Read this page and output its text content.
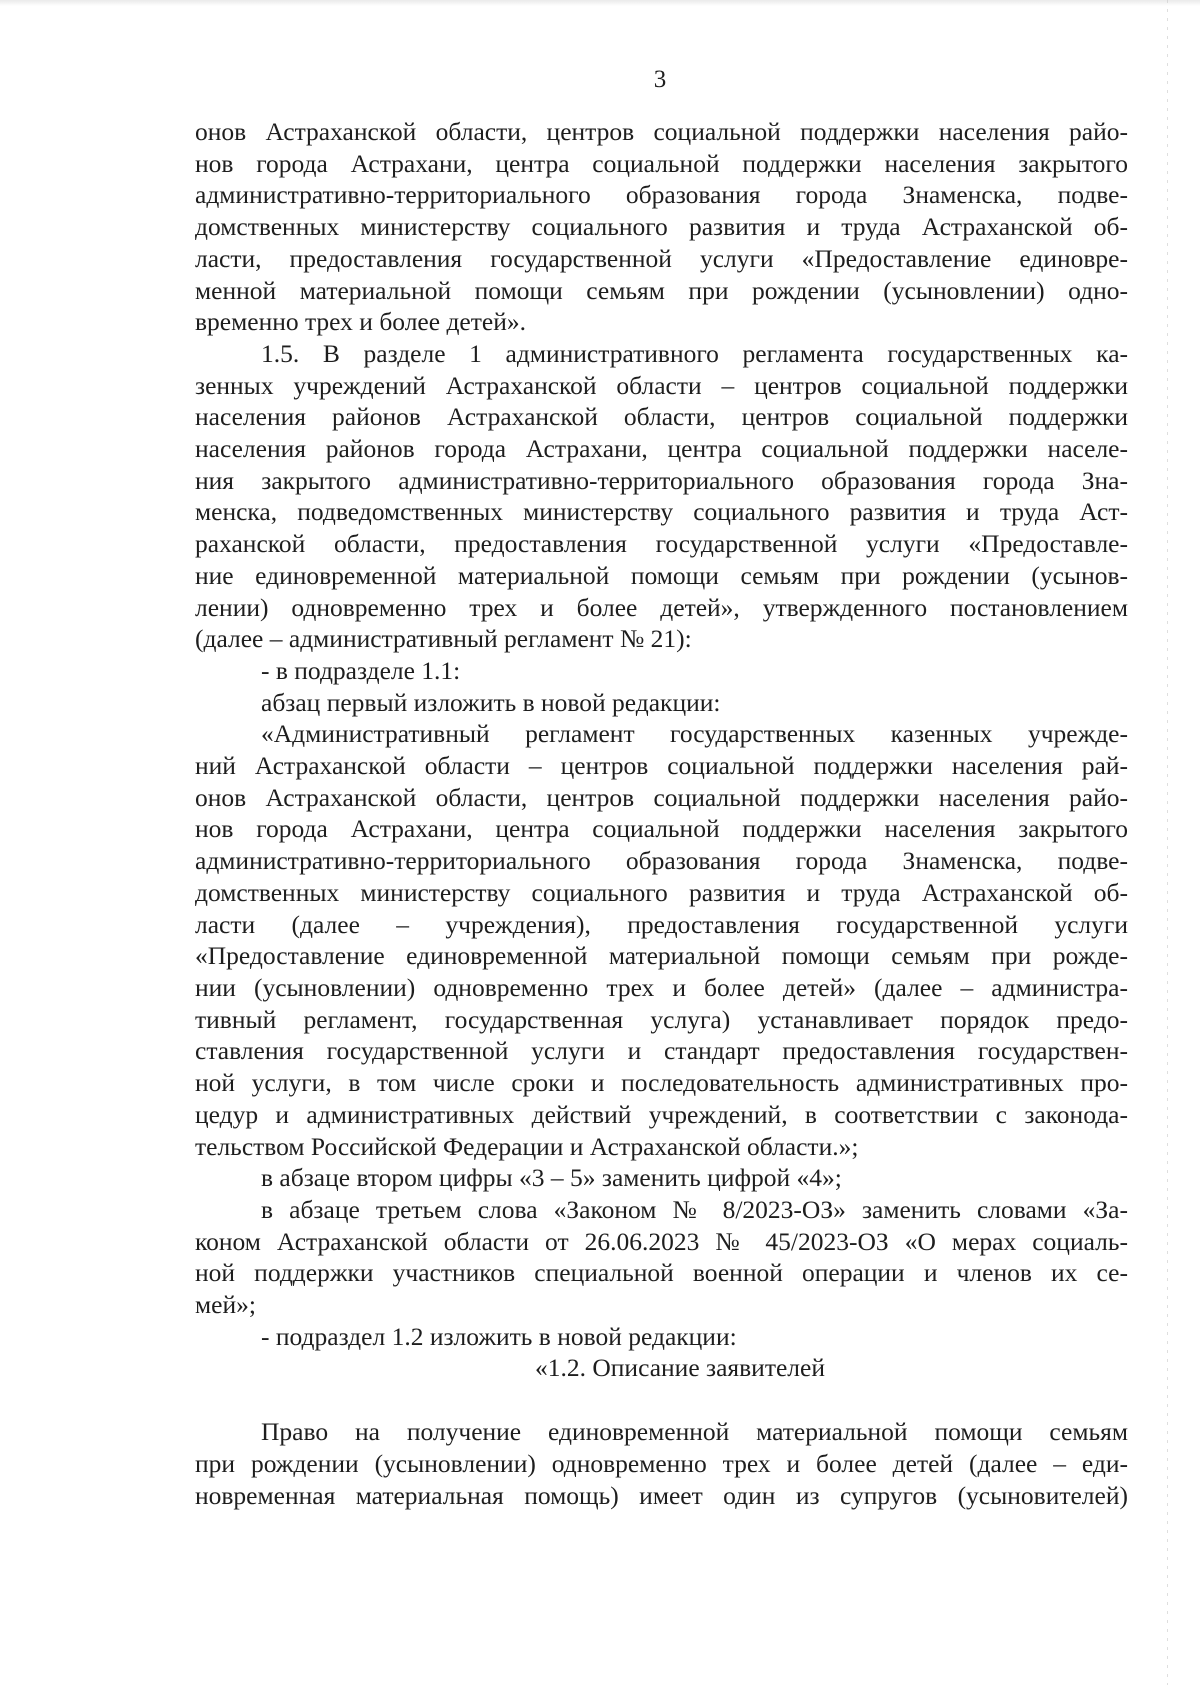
3

онов Астраханской области, центров социальной поддержки населения райо-

нов города Астрахани, центра социальной поддержки населения закрытого

административно-территориального образования города Знаменска, подве-

домственных министерству социального развития и труда Астраханской об-

ласти, предоставления государственной услуги «Предоставление единовре-

менной материальной помощи семьям при рождении (усыновлении) одно-

временно трех и более детей».

1.5. В разделе 1 административного регламента государственных ка-

зенных учреждений Астраханской области – центров социальной поддержки

населения районов Астраханской области, центров социальной поддержки

населения районов города Астрахани, центра социальной поддержки населе-

ния закрытого административно-территориального образования города Зна-

менска, подведомственных министерству социального развития и труда Аст-

раханской области, предоставления государственной услуги «Предоставле-

ние единовременной материальной помощи семьям при рождении (усынов-

лении) одновременно трех и более детей», утвержденного постановлением

(далее – административный регламент № 21):

- в подразделе 1.1:

абзац первый изложить в новой редакции:

«Административный регламент государственных казенных учрежде-

ний Астраханской области – центров социальной поддержки населения рай-

онов Астраханской области, центров социальной поддержки населения райо-

нов города Астрахани, центра социальной поддержки населения закрытого

административно-территориального образования города Знаменска, подве-

домственных министерству социального развития и труда Астраханской об-

ласти (далее – учреждения), предоставления государственной услуги

«Предоставление единовременной материальной помощи семьям при рожде-

нии (усыновлении) одновременно трех и более детей» (далее – администра-

тивный регламент, государственная услуга) устанавливает порядок предо-

ставления государственной услуги и стандарт предоставления государствен-

ной услуги, в том числе сроки и последовательность административных про-

цедур и административных действий учреждений, в соответствии с законода-

тельством Российской Федерации и Астраханской области.»;

в абзаце втором цифры «3 – 5» заменить цифрой «4»;

в абзаце третьем слова «Законом № 8/2023-ОЗ» заменить словами «За-

коном Астраханской области от 26.06.2023 № 45/2023-ОЗ «О мерах социаль-

ной поддержки участников специальной военной операции и членов их се-

мей»;

- подраздел 1.2 изложить в новой редакции:

«1.2. Описание заявителей

Право на получение единовременной материальной помощи семьям

при рождении (усыновлении) одновременно трех и более детей (далее – еди-

новременная материальная помощь) имеет один из супругов (усыновителей)
